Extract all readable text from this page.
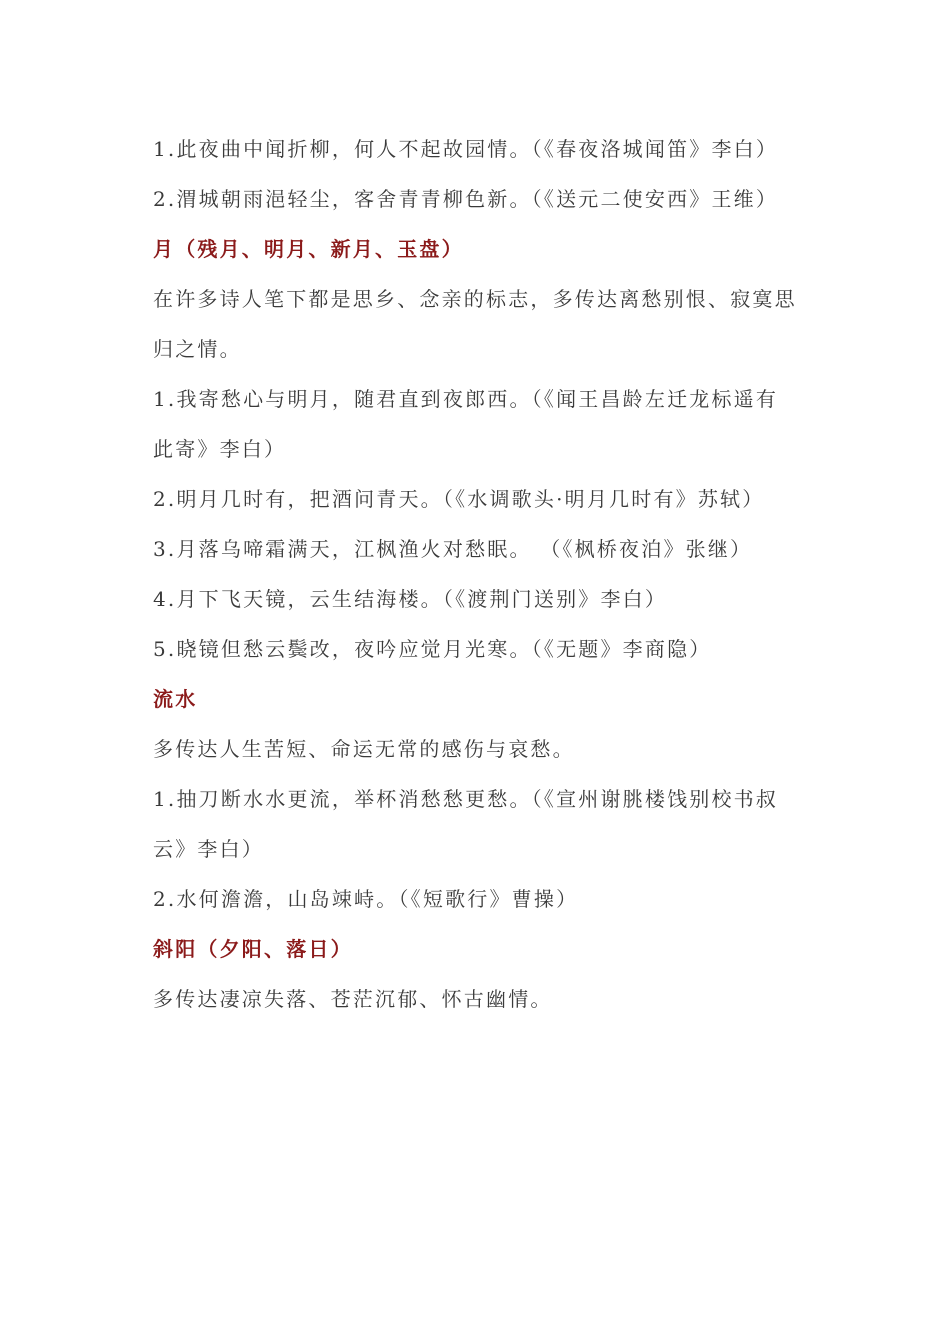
1.此夜曲中闻折柳，何人不起故园情。（《春夜洛城闻笛》李白）
2.渭城朝雨浥轻尘，客舍青青柳色新。（《送元二使安西》王维）
月（残月、明月、新月、玉盘）
在许多诗人笔下都是思乡、念亲的标志，多传达离愁别恨、寂寞思归之情。
1.我寄愁心与明月，随君直到夜郎西。（《闻王昌龄左迁龙标遥有此寄》李白）
2.明月几时有，把酒问青天。（《水调歌头·明月几时有》苏轼）
3.月落乌啼霜满天，江枫渔火对愁眠。 （《枫桥夜泊》张继）
4.月下飞天镜，云生结海楼。（《渡荆门送别》李白）
5.晓镜但愁云鬓改，夜吟应觉月光寒。（《无题》李商隐）
流水
多传达人生苦短、命运无常的感伤与哀愁。
1.抽刀断水水更流，举杯消愁愁更愁。（《宣州谢朓楼饯别校书叔云》李白）
2.水何澹澹，山岛竦峙。（《短歌行》曹操）
斜阳（夕阳、落日）
多传达凄凉失落、苍茫沉郁、怀古幽情。
